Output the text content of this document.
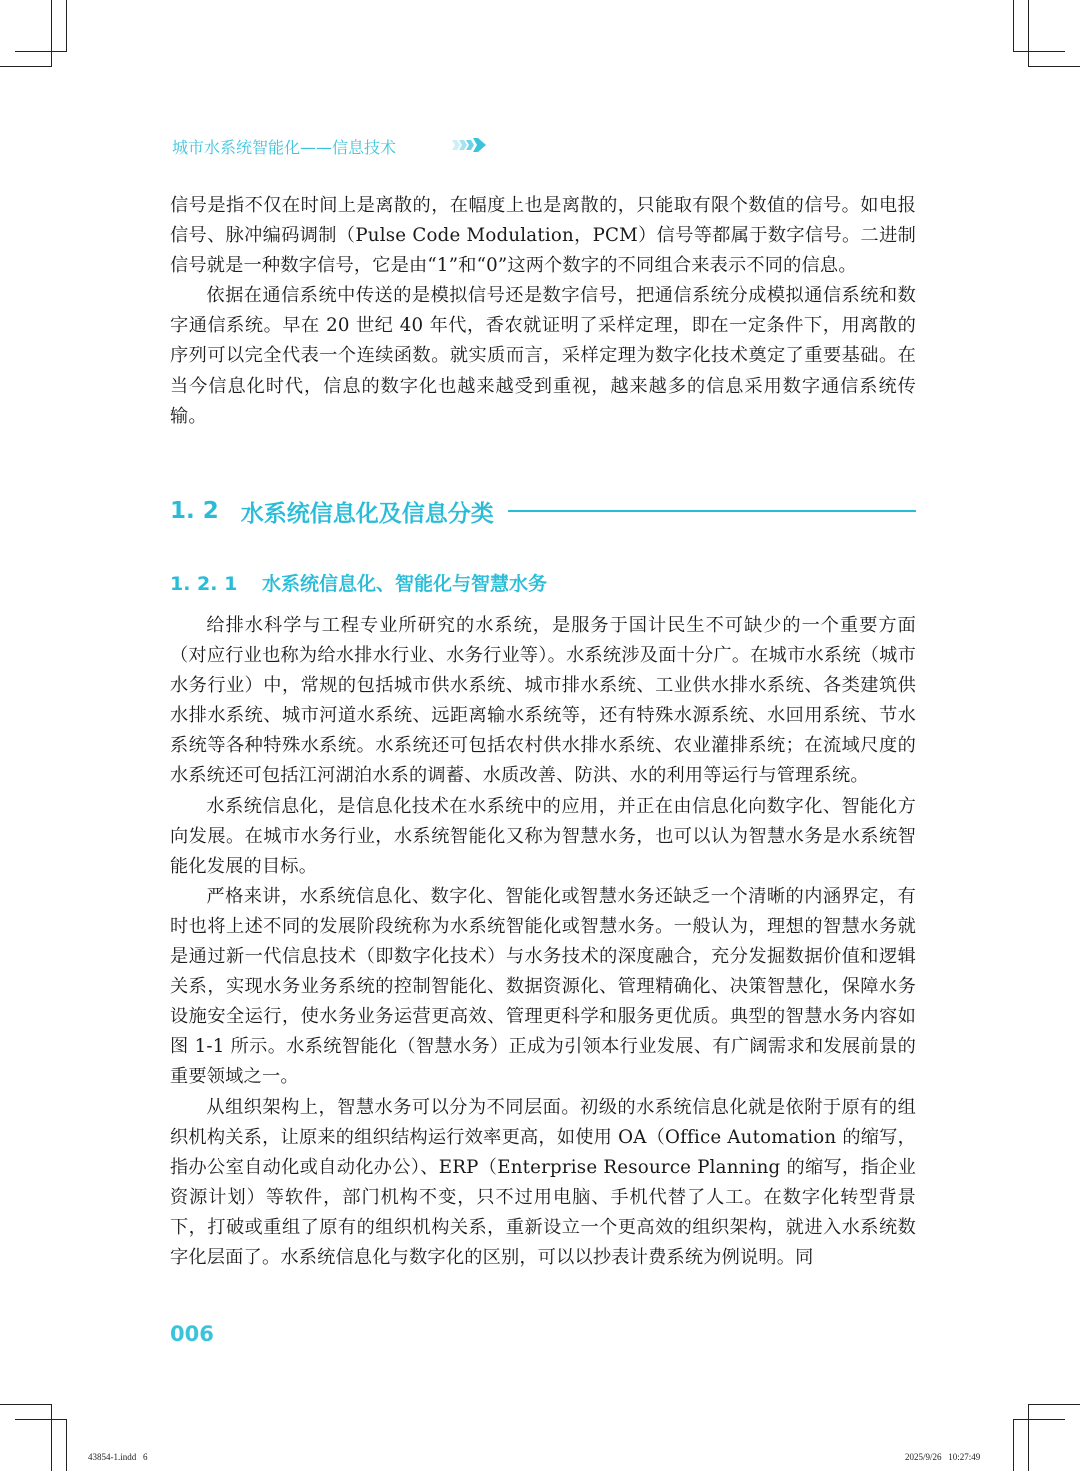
城市水系统智能化——信息技术

信号是指不仅在时间上是离散的，在幅度上也是离散的，只能取有限个数值的信号。如电报信号、脉冲编码调制（Pulse Code Modulation，PCM）信号等都属于数字信号。二进制信号就是一种数字信号，它是由“1”和“0”这两个数字的不同组合来表示不同的信息。

依据在通信系统中传送的是模拟信号还是数字信号，把通信系统分成模拟通信系统和数字通信系统。早在 20 世纪 40 年代，香农就证明了采样定理，即在一定条件下，用离散的序列可以完全代表一个连续函数。就实质而言，采样定理为数字化技术奠定了重要基础。在当今信息化时代，信息的数字化也越来越受到重视，越来越多的信息采用数字通信系统传输。

1. 2 水系统信息化及信息分类
1. 2. 1 水系统信息化、智能化与智慧水务

给排水科学与工程专业所研究的水系统，是服务于国计民生不可缺少的一个重要方面（对应行业也称为给水排水行业、水务行业等）。水系统涉及面十分广。在城市水系统（城市水务行业）中，常规的包括城市供水系统、城市排水系统、工业供水排水系统、各类建筑供水排水系统、城市河道水系统、远距离输水系统等，还有特殊水源系统、水回用系统、节水系统等各种特殊水系统。水系统还可包括农村供水排水系统、农业灌排系统；在流域尺度的水系统还可包括江河湖泊水系的调蓄、水质改善、防洪、水的利用等运行与管理系统。

水系统信息化，是信息化技术在水系统中的应用，并正在由信息化向数字化、智能化方向发展。在城市水务行业，水系统智能化又称为智慧水务，也可以认为智慧水务是水系统智能化发展的目标。

严格来讲，水系统信息化、数字化、智能化或智慧水务还缺乏一个清晰的内涵界定，有时也将上述不同的发展阶段统称为水系统智能化或智慧水务。一般认为，理想的智慧水务就是通过新一代信息技术（即数字化技术）与水务技术的深度融合，充分发掘数据价值和逻辑关系，实现水务业务系统的控制智能化、数据资源化、管理精确化、决策智慧化，保障水务设施安全运行，使水务业务运营更高效、管理更科学和服务更优质。典型的智慧水务内容如图 1-1 所示。水系统智能化（智慧水务）正成为引领本行业发展、有广阔需求和发展前景的重要领域之一。

从组织架构上，智慧水务可以分为不同层面。初级的水系统信息化就是依附于原有的组织机构关系，让原来的组织结构运行效率更高，如使用 OA（Office Automation 的缩写，指办公室自动化或自动化办公）、ERP（Enterprise Resource Planning 的缩写，指企业资源计划）等软件，部门机构不变，只不过用电脑、手机代替了人工。在数字化转型背景下，打破或重组了原有的组织机构关系，重新设立一个更高效的组织架构，就进入水系统数字化层面了。水系统信息化与数字化的区别，可以以抄表计费系统为例说明。同

006
43854-1.indd   6	2025/9/26   10:27:49
